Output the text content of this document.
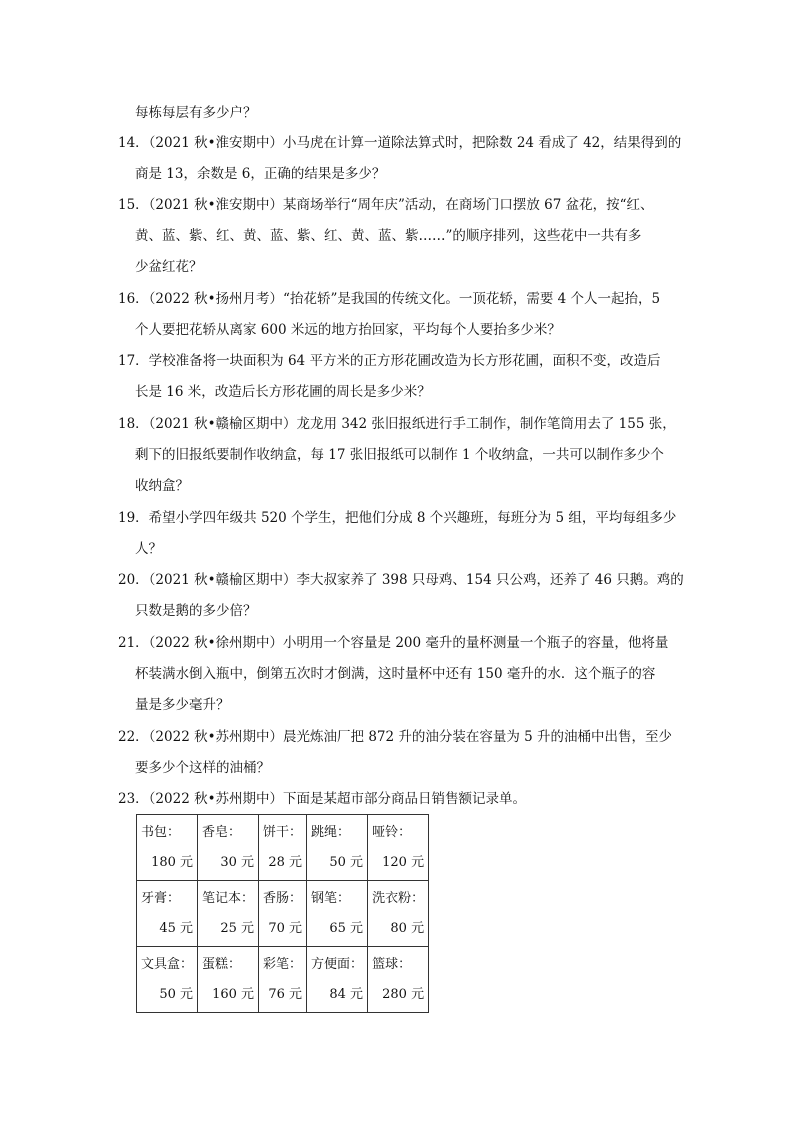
每栋每层有多少户？
14．（2021 秋•淮安期中）小马虎在计算一道除法算式时，把除数 24 看成了 42，结果得到的
商是 13，余数是 6，正确的结果是多少？
15．（2021 秋•淮安期中）某商场举行“周年庆”活动，在商场门口摆放 67 盆花，按“红、
黄、蓝、紫、红、黄、蓝、紫、红、黄、蓝、紫……”的顺序排列，这些花中一共有多
少盆红花？
16．（2022 秋•扬州月考）“抬花轿”是我国的传统文化。一顶花轿，需要 4 个人一起抬，5
个人要把花轿从离家 600 米远的地方抬回家，平均每个人要抬多少米？
17．学校准备将一块面积为 64 平方米的正方形花圃改造为长方形花圃，面积不变，改造后
长是 16 米，改造后长方形花圃的周长是多少米？
18．（2021 秋•赣榆区期中）龙龙用 342 张旧报纸进行手工制作，制作笔筒用去了 155 张，
剩下的旧报纸要制作收纳盒，每 17 张旧报纸可以制作 1 个收纳盒，一共可以制作多少个
收纳盒？
19．希望小学四年级共 520 个学生，把他们分成 8 个兴趣班，每班分为 5 组，平均每组多少
人？
20．（2021 秋•赣榆区期中）李大叔家养了 398 只母鸡、154 只公鸡，还养了 46 只鹅。鸡的
只数是鹅的多少倍？
21．（2022 秋•徐州期中）小明用一个容量是 200 毫升的量杯测量一个瓶子的容量，他将量
杯装满水倒入瓶中，倒第五次时才倒满，这时量杯中还有 150 毫升的水．这个瓶子的容
量是多少毫升？
22．（2022 秋•苏州期中）晨光炼油厂把 872 升的油分装在容量为 5 升的油桶中出售，至少
要多少个这样的油桶？
23．（2022 秋•苏州期中）下面是某超市部分商品日销售额记录单。
书包：
180 元	香皂：
30 元	饼干：
28 元	跳绳：
50 元	哑铃：
120 元

牙膏：
45 元	笔记本：
25 元	香肠：
70 元	钢笔：
65 元	洗衣粉：
80 元

文具盒：
50 元	蛋糕：
160 元	彩笔：
76 元	方便面：
84 元	篮球：
280 元
